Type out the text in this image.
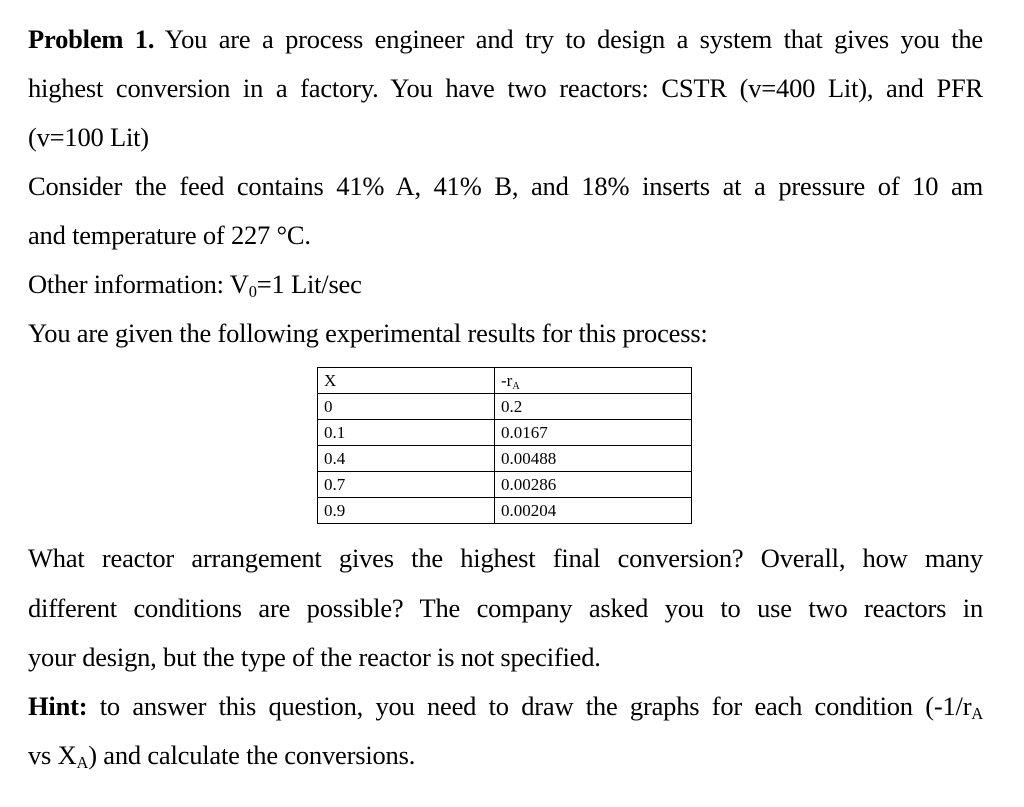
Problem 1. You are a process engineer and try to design a system that gives you the
highest conversion in a factory. You have two reactors: CSTR (v=400 Lit), and PFR
(v=100 Lit)
Consider the feed contains 41% A, 41% B, and 18% inserts at a pressure of 10 am
and temperature of 227 °C.
Other information: $V_0=1$ Lit/sec
You are given the following experimental results for this process:
X	-rA
0	0.2
0.1	0.0167
0.4	0.00488
0.7	0.00286
0.9	0.00204
What reactor arrangement gives the highest final conversion? Overall, how many
different conditions are possible? The company asked you to use two reactors in
your design, but the type of the reactor is not specified.
Hint: to answer this question, you need to draw the graphs for each condition ($-1/r_A$
vs $X_A$) and calculate the conversions.
